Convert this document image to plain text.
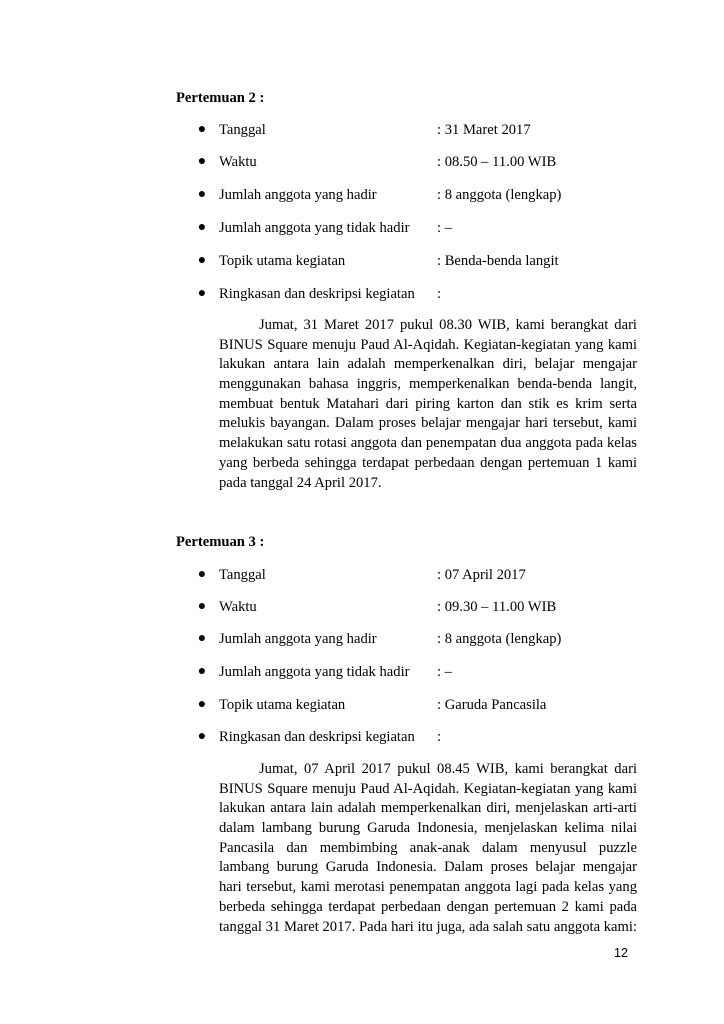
Pertemuan 2 :
● Tanggal	: 31 Maret 2017
● Waktu	: 08.50 – 11.00 WIB
● Jumlah anggota yang hadir	: 8 anggota (lengkap)
● Jumlah anggota yang tidak hadir : –
● Topik utama kegiatan	: Benda-benda langit
● Ringkasan dan deskripsi kegiatan :
Jumat, 31 Maret 2017 pukul 08.30 WIB, kami berangkat dari
BINUS Square menuju Paud Al-Aqidah. Kegiatan-kegiatan yang kami
lakukan antara lain adalah memperkenalkan diri, belajar mengajar
menggunakan bahasa inggris, memperkenalkan benda-benda langit,
membuat bentuk Matahari dari piring karton dan stik es krim serta
melukis bayangan. Dalam proses belajar mengajar hari tersebut, kami
melakukan satu rotasi anggota dan penempatan dua anggota pada kelas
yang berbeda sehingga terdapat perbedaan dengan pertemuan 1 kami
pada tanggal 24 April 2017.
Pertemuan 3 :
● Tanggal	: 07 April 2017
● Waktu	: 09.30 – 11.00 WIB
● Jumlah anggota yang hadir	: 8 anggota (lengkap)
● Jumlah anggota yang tidak hadir : –
● Topik utama kegiatan	: Garuda Pancasila
● Ringkasan dan deskripsi kegiatan :
Jumat, 07 April 2017 pukul 08.45 WIB, kami berangkat dari
BINUS Square menuju Paud Al-Aqidah. Kegiatan-kegiatan yang kami
lakukan antara lain adalah memperkenalkan diri, menjelaskan arti-arti
dalam lambang burung Garuda Indonesia, menjelaskan kelima nilai
Pancasila dan membimbing anak-anak dalam menyusul puzzle
lambang burung Garuda Indonesia. Dalam proses belajar mengajar
hari tersebut, kami merotasi penempatan anggota lagi pada kelas yang
berbeda sehingga terdapat perbedaan dengan pertemuan 2 kami pada
tanggal 31 Maret 2017. Pada hari itu juga, ada salah satu anggota kami:
12
